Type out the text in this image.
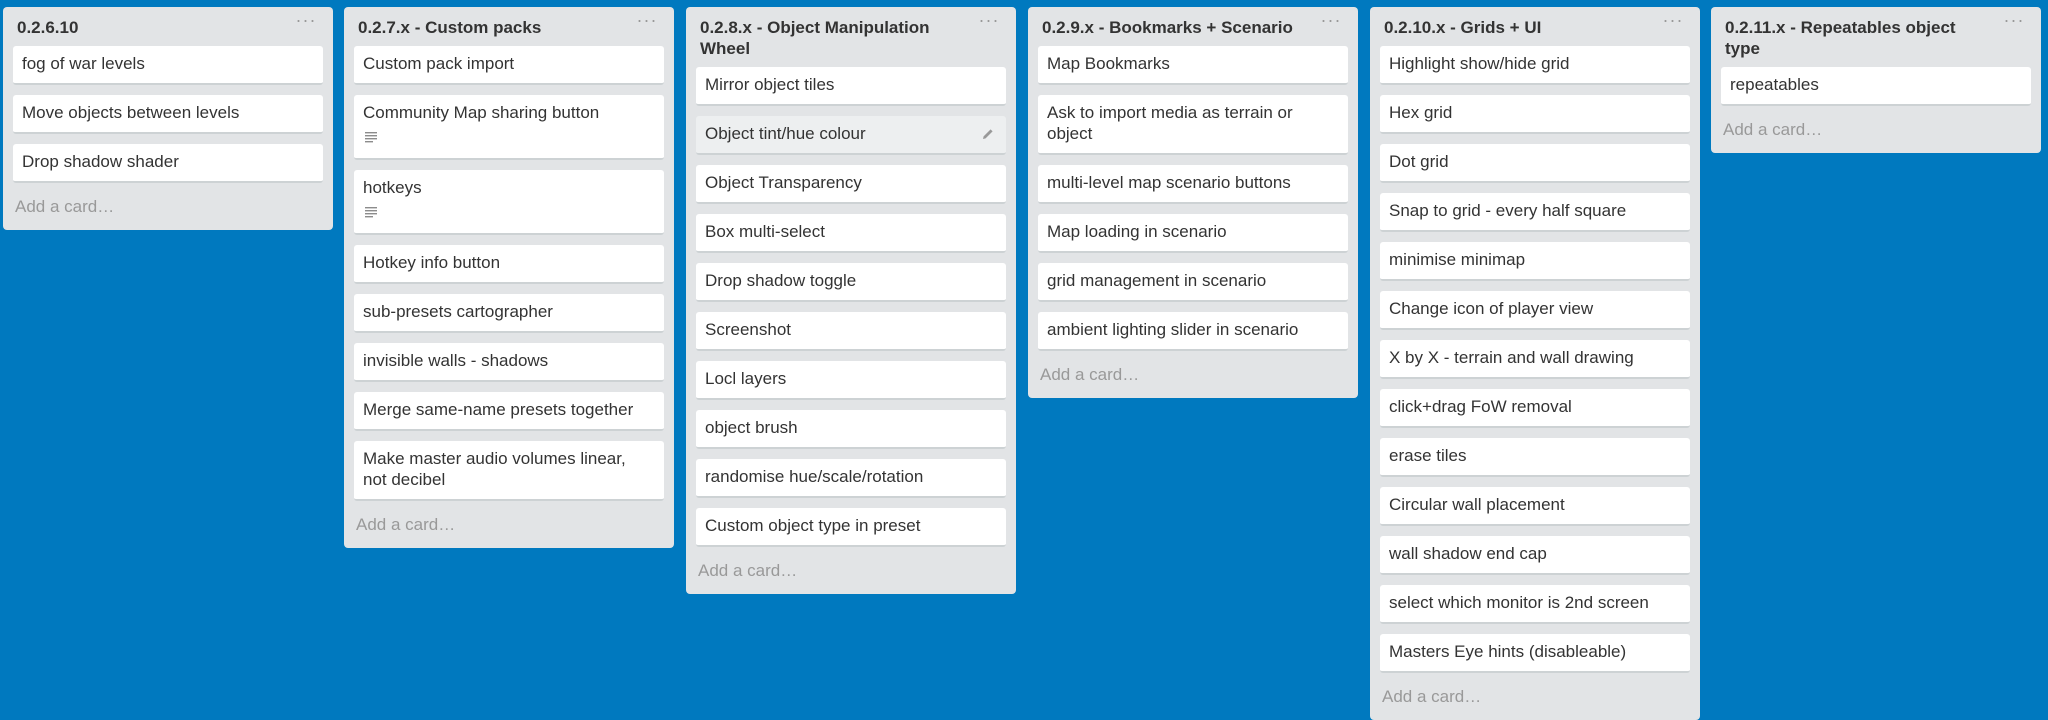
0.2.6.10	···
fog of war levels
Move objects between levels
Drop shadow shader
Add a card…
0.2.7.x - Custom packs	···
Custom pack import
Community Map sharing button
hotkeys
Hotkey info button
sub-presets cartographer
invisible walls - shadows
Merge same-name presets together
Make master audio volumes linear, not decibel
Add a card…
0.2.8.x - Object Manipulation Wheel
···
Mirror object tiles
Object tint/hue colour
Object Transparency
Box multi-select
Drop shadow toggle
Screenshot
Locl layers
object brush
randomise hue/scale/rotation
Custom object type in preset
Add a card…
0.2.9.x - Bookmarks + Scenario	···
Map Bookmarks
Ask to import media as terrain or object
multi-level map scenario buttons
Map loading in scenario
grid management in scenario
ambient lighting slider in scenario
Add a card…
0.2.10.x - Grids + UI	···
Highlight show/hide grid
Hex grid
Dot grid
Snap to grid - every half square
minimise minimap
Change icon of player view
X by X - terrain and wall drawing
click+drag FoW removal
erase tiles
Circular wall placement
wall shadow end cap
select which monitor is 2nd screen
Masters Eye hints (disableable)
Add a card…
0.2.11.x - Repeatables object type
···
repeatables
Add a card…
